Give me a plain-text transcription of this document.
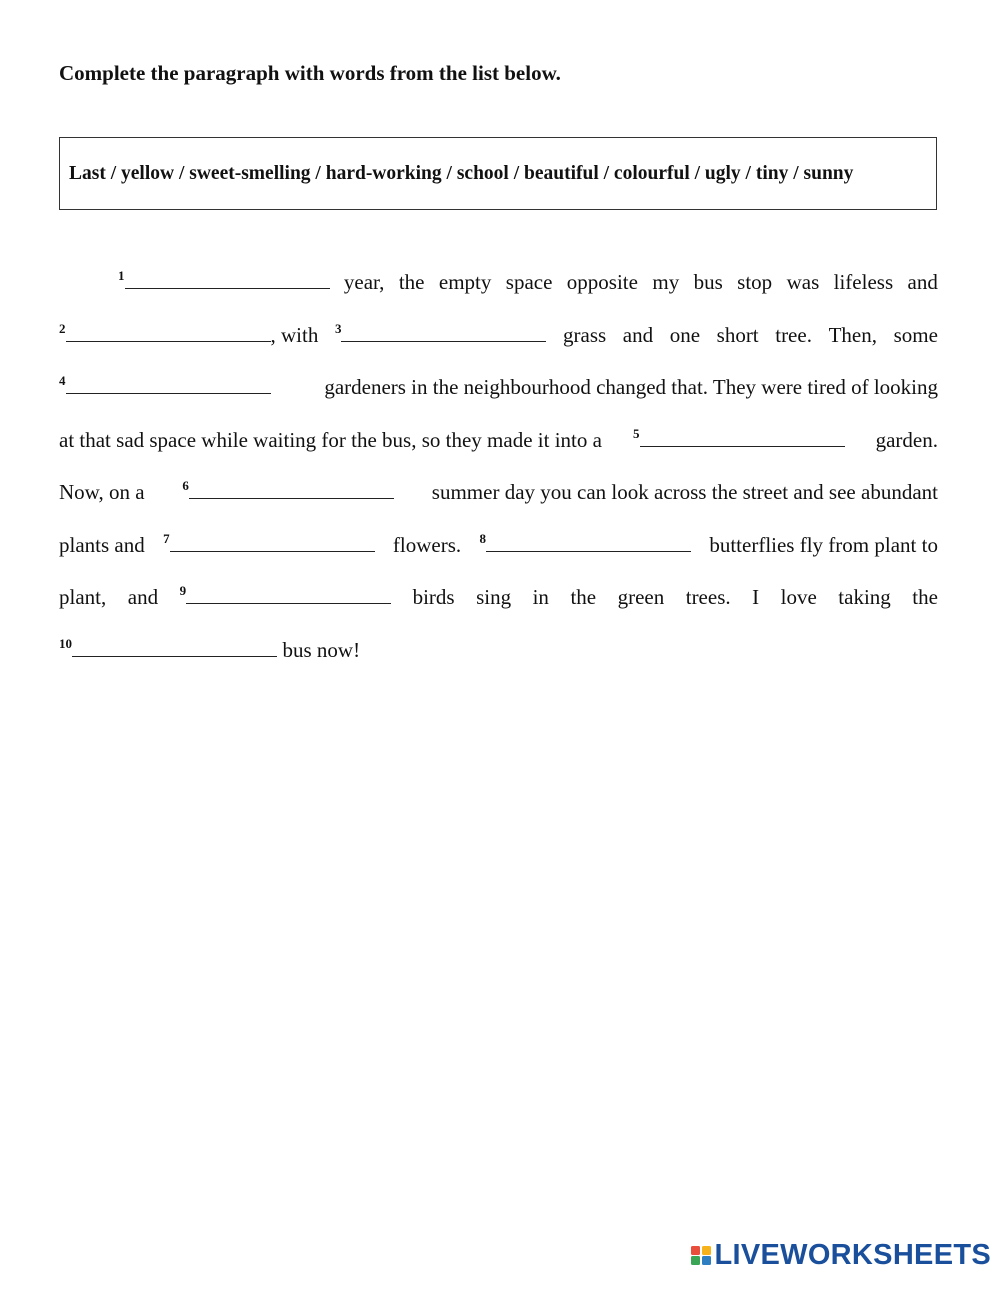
Complete the paragraph with words from the list below.

Last / yellow / sweet-smelling / hard-working / school / beautiful / colourful / ugly / tiny / sunny
$^1$	year, the empty space opposite my bus stop was lifeless and
$^2$	, with $^3$	grass and one short tree. Then, some
$^4$	gardeners in the neighbourhood changed that. They were tired of looking
at that sad space while waiting for the bus, so they made it into a $^5$	garden.
Now, on a	$^6$	summer day you can look across the street and see abundant
plants and $^7$	flowers. $^8$	butterflies fly from plant to
plant, and $^9$	birds sing in the green trees. I love taking the
$^{10}$	bus now!
LIVEWORKSHEETS
